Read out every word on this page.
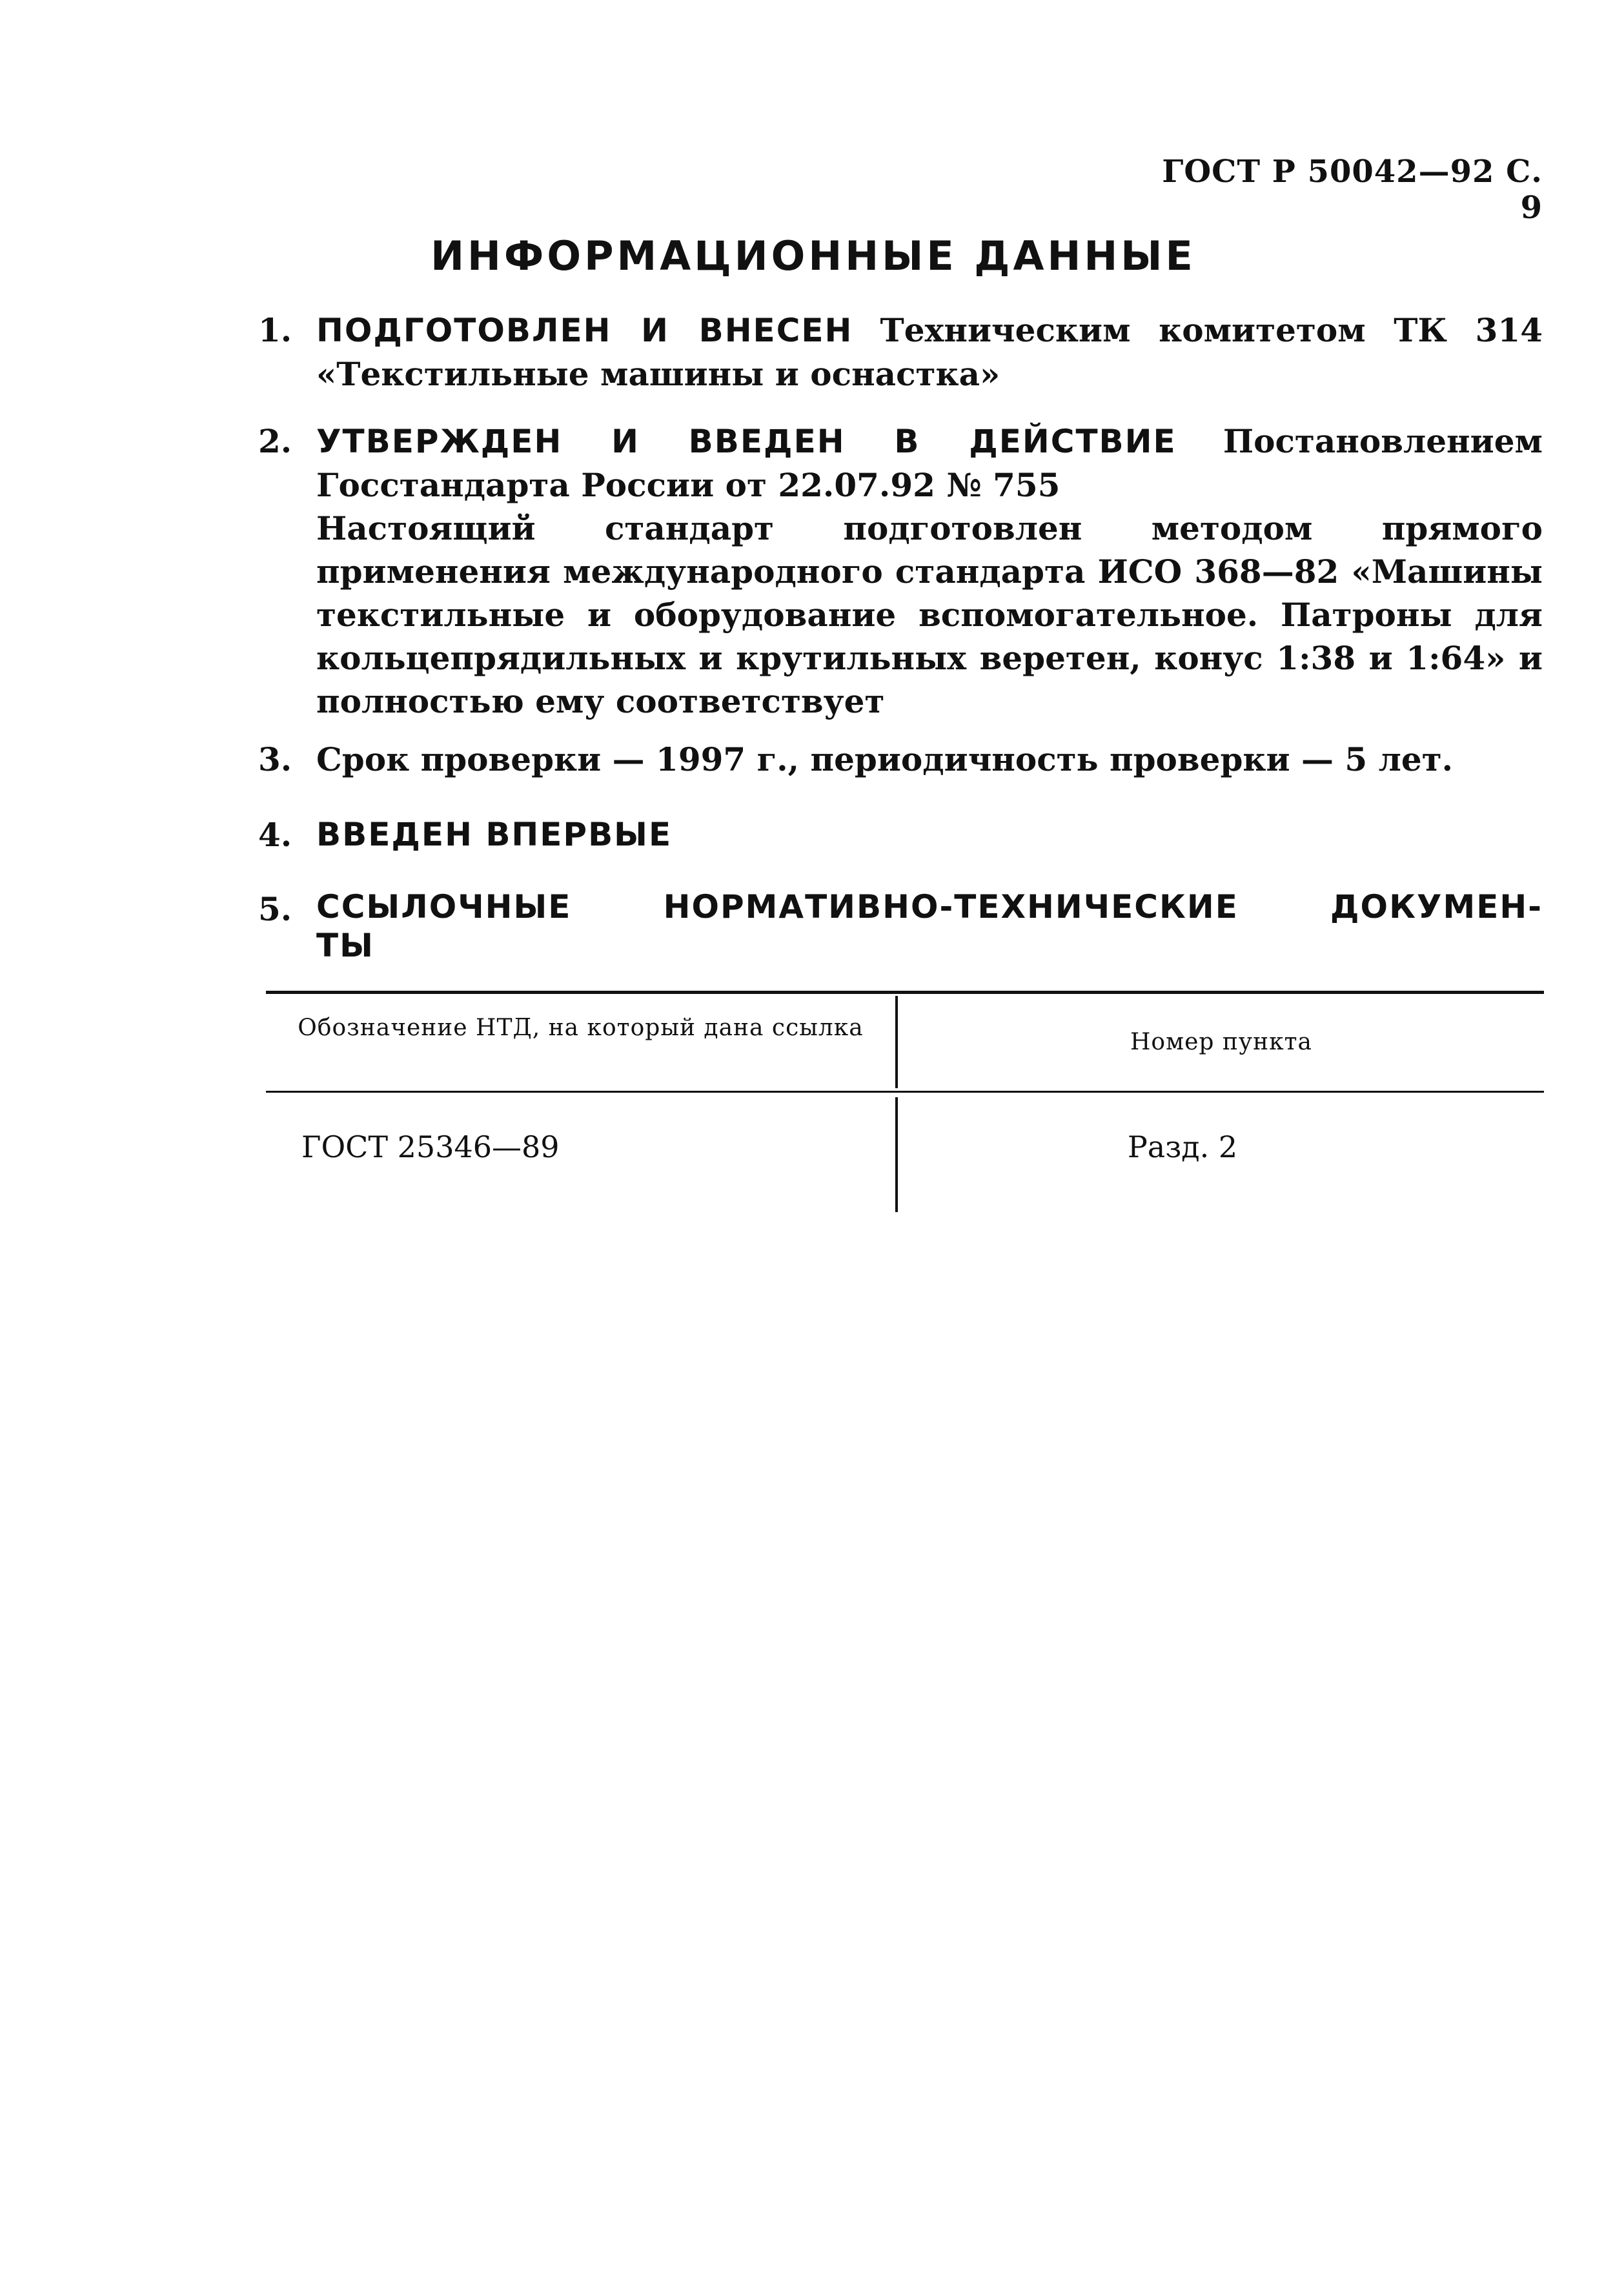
ГОСТ Р 50042—92 С. 9
ИНФОРМАЦИОННЫЕ ДАННЫЕ
1. ПОДГОТОВЛЕН И ВНЕСЕН Техническим комитетом ТК 314

«Текстильные машины и оснастка»

2. УТВЕРЖДЕН И ВВЕДЕН В ДЕЙСТВИЕ Постановлением

Госстандарта России от 22.07.92 № 755

Настоящий стандарт подготовлен методом прямого применения международного стандарта ИСО 368—82 «Машины текстильные и оборудование вспомогательное. Патроны для кольцепрядильных и крутильных веретен, конус 1:38 и 1:64» и полностью ему соответствует

3. Срок проверки — 1997 г., периодичность проверки — 5 лет.

4. ВВЕДЕН ВПЕРВЫЕ

5. ССЫЛОЧНЫЕ НОРМАТИВНО-ТЕХНИЧЕСКИЕ ДОКУМЕН-

ТЫ

Обозначение НТД, на который дана ссылка
Номер пункта
ГОСТ 25346—89	Разд. 2
